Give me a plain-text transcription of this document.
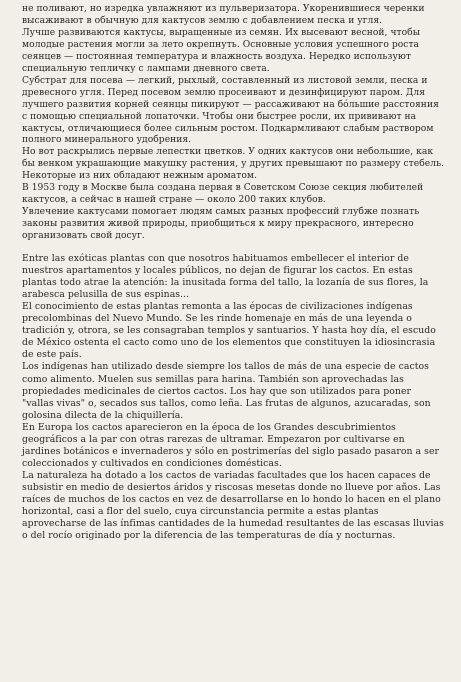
не поливают, но изредка увлажняют из пульверизатора. Укоренившиеся черенки высаживают в обычную для кактусов землю с добавлением песка и угля.

Лучше развиваются кактусы, выращенные из семян. Их высевают весной, чтобы молодые растения могли за лето окрепнуть. Основные условия успешного роста сеянцев — постоянная температура и влажность воздуха. Нередко используют специальную тепличку с лампами дневного света.

Субстрат для посева — легкий, рыхлый, составленный из листовой земли, песка и древесного угля. Перед посевом землю просеивают и дезинфицируют паром. Для лучшего развития корней сеянцы пикируют — рассаживают на бо́льшие расстояния с помощью специальной лопаточки. Чтобы они быстрее росли, их прививают на кактусы, отличающиеся более сильным ростом. Подкармливают слабым раствором полного минерального удобрения.

Но вот раскрылись первые лепестки цветков. У одних кактусов они небольшие, как бы венком украшающие макушку растения, у других превышают по размеру стебель. Некоторые из них обладают нежным ароматом.

В 1953 году в Москве была создана первая в Советском Союзе секция любителей кактусов, а сейчас в нашей стране — около 200 таких клубов.

Увлечение кактусами помогает людям самых разных профессий глубже познать законы развития живой природы, приобщиться к миру прекрасного, интересно организовать свой досуг.

Entre las exóticas plantas con que nosotros habituamos embellecer el interior de nuestros apartamentos y locales públicos, no dejan de figurar los cactos. En estas plantas todo atrae la atención: la inusitada forma del tallo, la lozanía de sus flores, la arabesca pelusilla de sus espinas...

El conocimiento de estas plantas remonta a las épocas de civilizaciones indígenas precolombinas del Nuevo Mundo. Se les rinde homenaje en más de una leyenda o tradición y, otrora, se les consagraban templos y santuarios. Y hasta hoy día, el escudo de México ostenta el cacto como uno de los elementos que constituyen la idiosincrasia de este país.

Los indígenas han utilizado desde siempre los tallos de más de una especie de cactos como alimento. Muelen sus semillas para harina. También son aprovechadas las propiedades medicinales de ciertos cactos. Los hay que son utilizados para poner "vallas vivas" o, secados sus tallos, como leña. Las frutas de algunos, azucaradas, son golosina dilecta de la chiquillería.

En Europa los cactos aparecieron en la época de los Grandes descubrimientos geográficos a la par con otras rarezas de ultramar. Empezaron por cultivarse en jardines botánicos e invernaderos y sólo en postrimerías del siglo pasado pasaron a ser coleccionados y cultivados en condiciones domésticas.

La naturaleza ha dotado a los cactos de variadas facultades que los hacen capaces de subsistir en medio de desiertos áridos y riscosas mesetas donde no llueve por años. Las raíces de muchos de los cactos en vez de desarrollarse en lo hondo lo hacen en el plano horizontal, casi a flor del suelo, cuya circunstancia permite a estas plantas aprovecharse de las ínfimas cantidades de la humedad resultantes de las escasas lluvias o del rocío originado por la diferencia de las temperaturas de día y nocturnas.
